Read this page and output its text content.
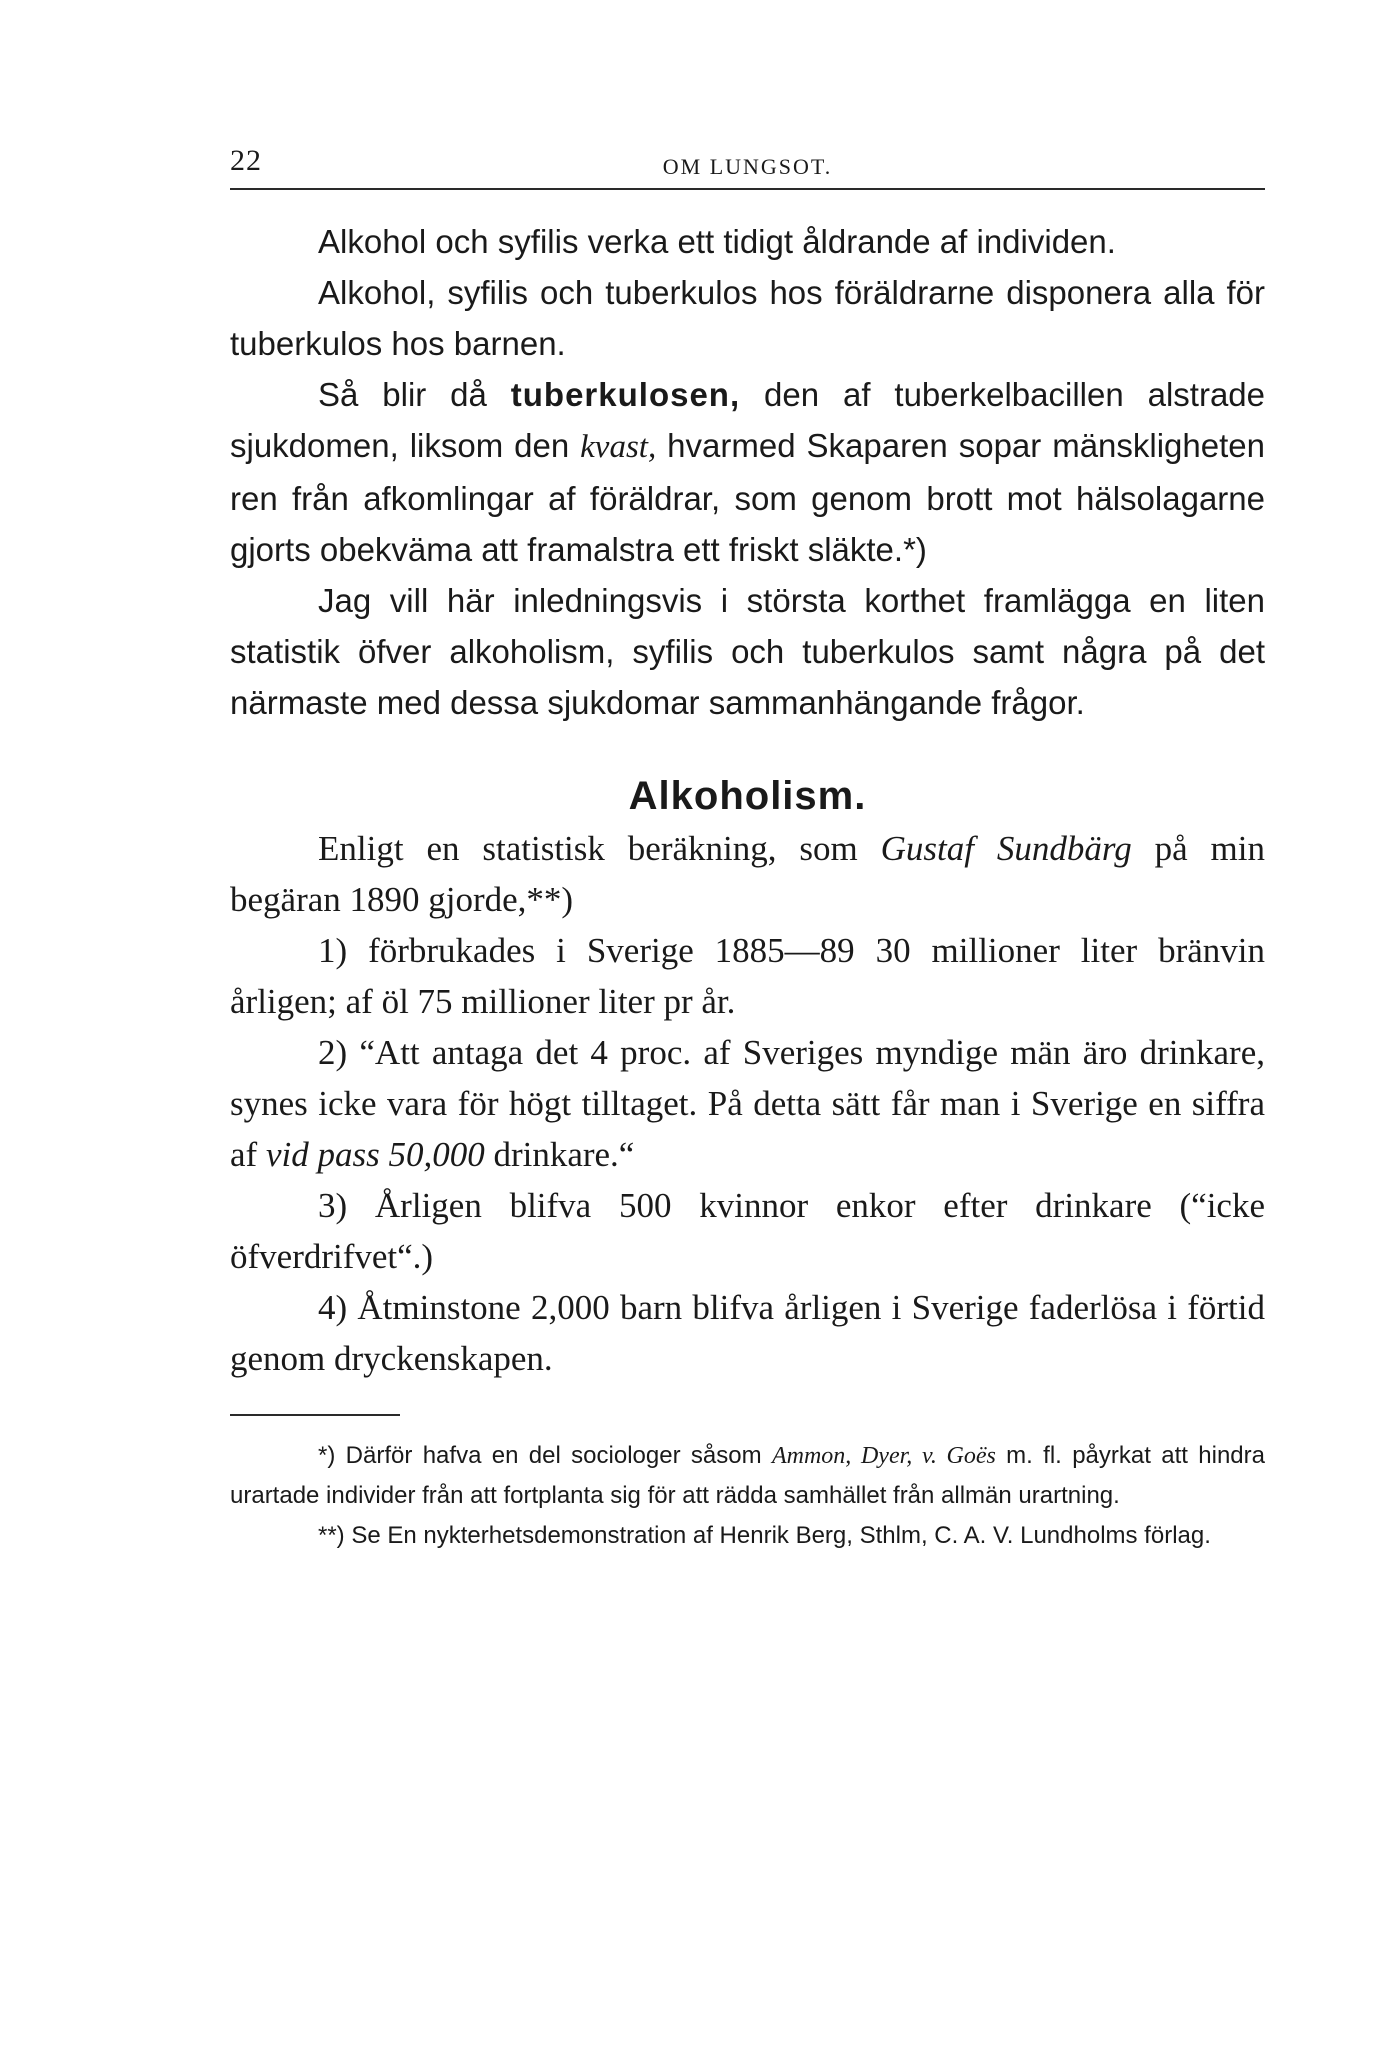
22	OM LUNGSOT.

Alkohol och syfilis verka ett tidigt åldrande af individen.

Alkohol, syfilis och tuberkulos hos föräldrarne disponera alla för tuberkulos hos barnen.

Så blir då tuberkulosen, den af tuberkelbacillen alstrade sjukdomen, liksom den kvast, hvarmed Skaparen sopar mänskligheten ren från afkomlingar af föräldrar, som genom brott mot hälsolagarne gjorts obekväma att framalstra ett friskt släkte.*)

Jag vill här inledningsvis i största korthet framlägga en liten statistik öfver alkoholism, syfilis och tuberkulos samt några på det närmaste med dessa sjukdomar sammanhängande frågor.

Alkoholism.

Enligt en statistisk beräkning, som Gustaf Sundbärg på min begäran 1890 gjorde,**)

1) förbrukades i Sverige 1885—89 30 millioner liter bränvin årligen; af öl 75 millioner liter pr år.

2) “Att antaga det 4 proc. af Sveriges myndige män äro drinkare, synes icke vara för högt tilltaget. På detta sätt får man i Sverige en siffra af vid pass 50,000 drinkare.“

3) Årligen blifva 500 kvinnor enkor efter drinkare (“icke öfverdrifvet“.)

4) Åtminstone 2,000 barn blifva årligen i Sverige faderlösa i förtid genom dryckenskapen.

*) Därför hafva en del sociologer såsom Ammon, Dyer, v. Goës m. fl. påyrkat att hindra urartade individer från att fortplanta sig för att rädda samhället från allmän urartning.

**) Se En nykterhetsdemonstration af Henrik Berg, Sthlm, C. A. V. Lundholms förlag.
